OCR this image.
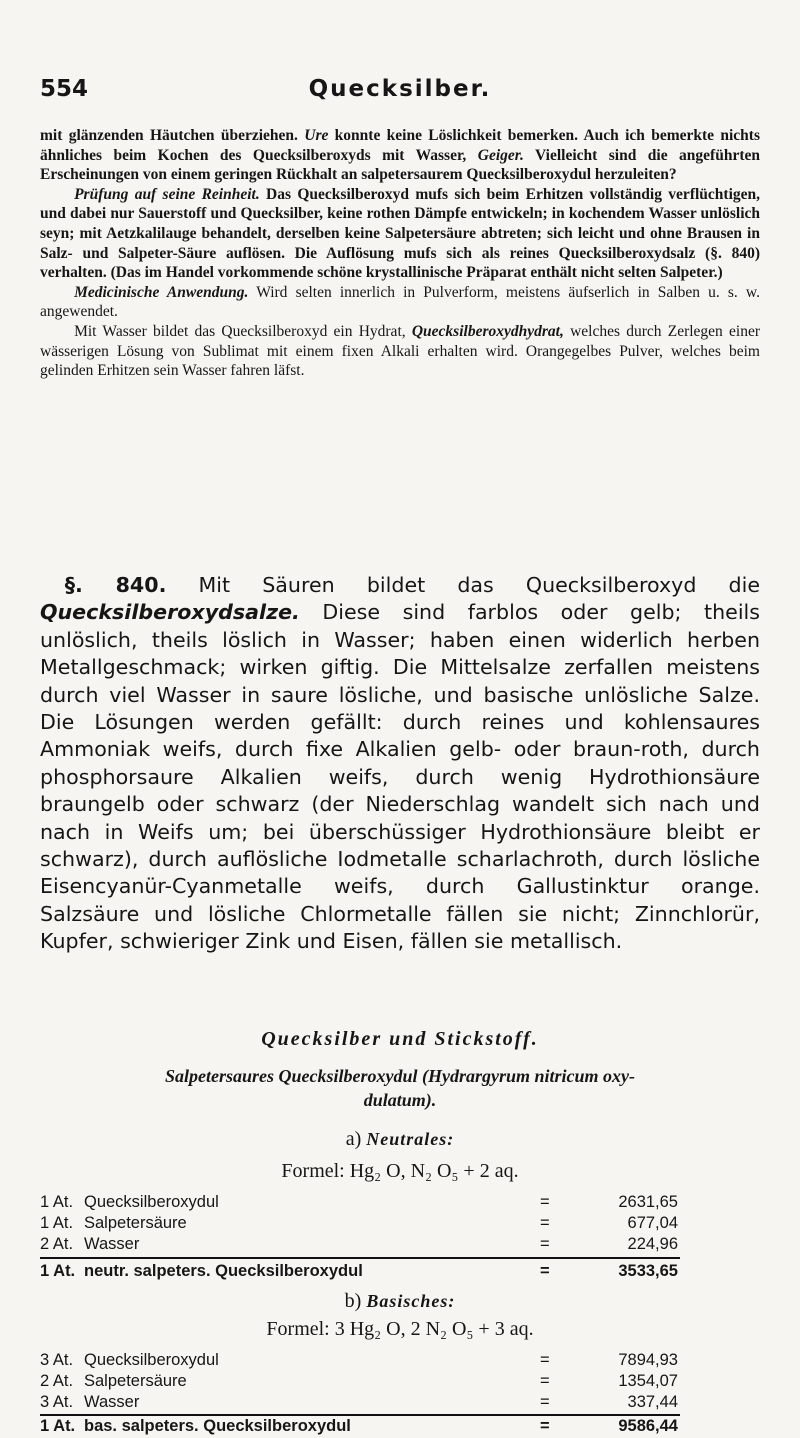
554	Quecksilber.

mit glänzenden Häutchen überziehen. Ure konnte keine Löslichkeit bemerken. Auch ich bemerkte nichts ähnliches beim Kochen des Quecksilberoxyds mit Wasser, Geiger. Vielleicht sind die angeführten Erscheinungen von einem geringen Rückhalt an salpetersaurem Quecksilberoxydul herzuleiten?

Prüfung auf seine Reinheit. Das Quecksilberoxyd mufs sich beim Erhitzen vollständig verflüchtigen, und dabei nur Sauerstoff und Quecksilber, keine rothen Dämpfe entwickeln; in kochendem Wasser unlöslich seyn; mit Aetzkalilauge behandelt, derselben keine Salpetersäure abtreten; sich leicht und ohne Brausen in Salz- und Salpeter-Säure auflösen. Die Auflösung mufs sich als reines Quecksilberoxydsalz (§. 840) verhalten. (Das im Handel vorkommende schöne krystallinische Präparat enthält nicht selten Salpeter.)

Medicinische Anwendung. Wird selten innerlich in Pulverform, meistens äufserlich in Salben u. s. w. angewendet.

Mit Wasser bildet das Quecksilberoxyd ein Hydrat, Quecksilberoxydhydrat, welches durch Zerlegen einer wässerigen Lösung von Sublimat mit einem fixen Alkali erhalten wird. Orangegelbes Pulver, welches beim gelinden Erhitzen sein Wasser fahren läfst.

§. 840. Mit Säuren bildet das Quecksilberoxyd die Quecksilberoxydsalze. Diese sind farblos oder gelb; theils unlöslich, theils löslich in Wasser; haben einen widerlich herben Metallgeschmack; wirken giftig. Die Mittelsalze zerfallen meistens durch viel Wasser in saure lösliche, und basische unlösliche Salze. Die Lösungen werden gefällt: durch reines und kohlensaures Ammoniak weifs, durch fixe Alkalien gelb- oder braun-roth, durch phosphorsaure Alkalien weifs, durch wenig Hydrothionsäure braungelb oder schwarz (der Niederschlag wandelt sich nach und nach in Weifs um; bei überschüssiger Hydrothionsäure bleibt er schwarz), durch auflösliche Iodmetalle scharlachroth, durch lösliche Eisencyanür-Cyanmetalle weifs, durch Gallustinktur orange. Salzsäure und lösliche Chlormetalle fällen sie nicht; Zinnchlorür, Kupfer, schwieriger Zink und Eisen, fällen sie metallisch.

Quecksilber und Stickstoff.
Salpetersaures Quecksilberoxydul (Hydrargyrum nitricum oxy-
dulatum).
a) Neutrales:
Formel: Hg₂ O, N₂ O₅ + 2 aq.
1 At. Quecksilberoxydul	=	2631,65
1 At. Salpetersäure	=	677,04
2 At. Wasser	=	224,96
1 At. neutr. salpeters. Quecksilberoxydul	=	3533,65
b) Basisches:
Formel: 3 Hg₂ O, 2 N₂ O₅ + 3 aq.
3 At. Quecksilberoxydul	=	7894,93
2 At. Salpetersäure	=	1354,07
3 At. Wasser	=	337,44
1 At. bas. salpeters. Quecksilberoxydul	=	9586,44
